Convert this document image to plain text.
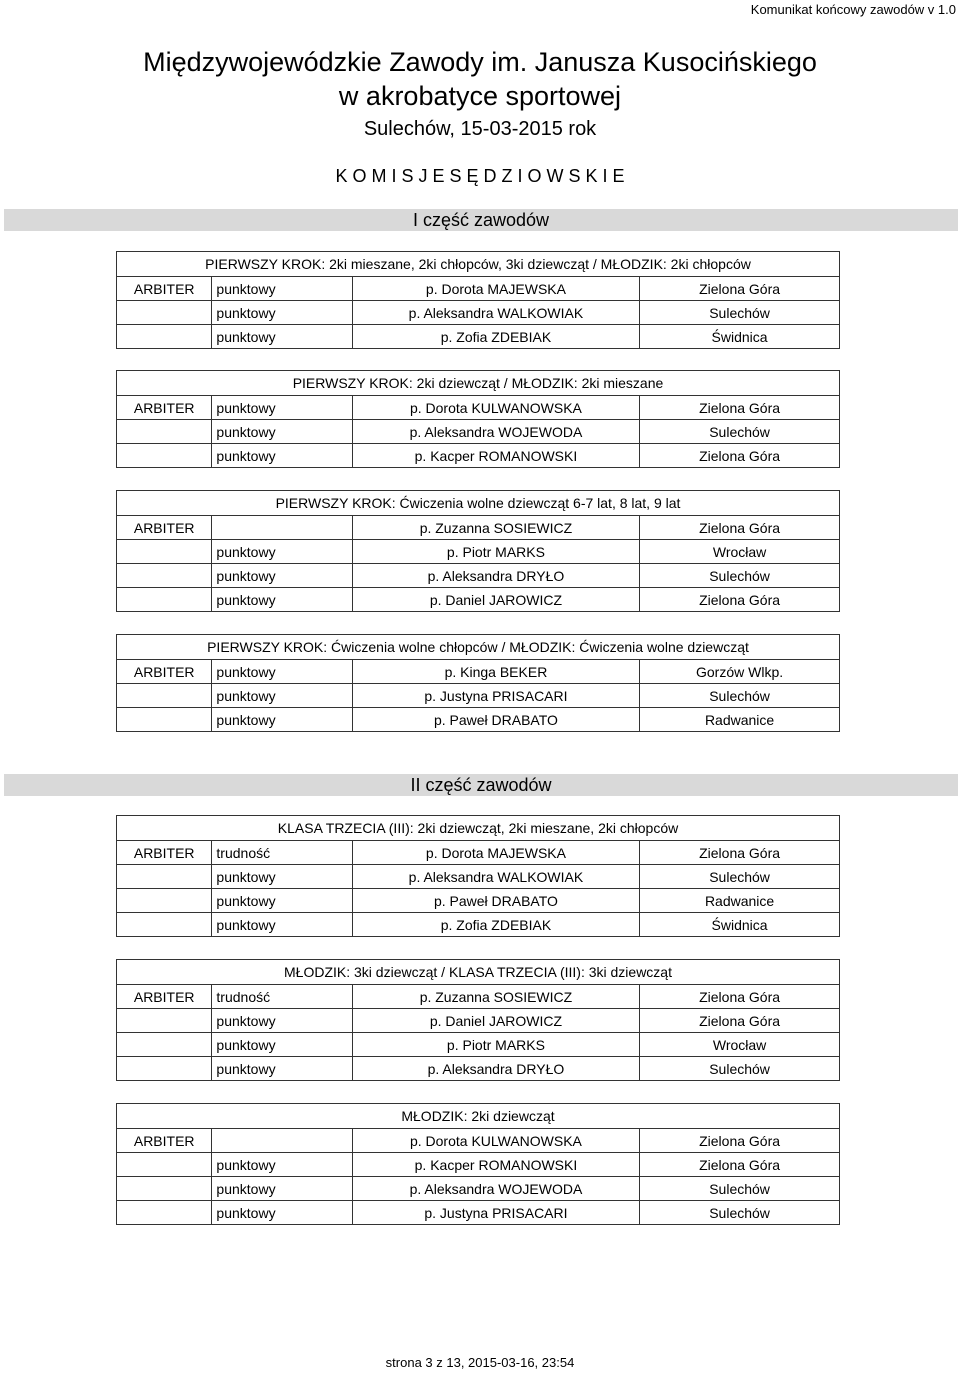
Komunikat końcowy zawodów v 1.0
Międzywojewódzkie Zawody im. Janusza Kusocińskiego
w akrobatyce sportowej
Sulechów, 15-03-2015 rok
K O M I S J E S Ę D Z I O W S K I E
I część zawodów
II część zawodów
PIERWSZY KROK: 2ki mieszane, 2ki chłopców, 3ki dziewcząt / MŁODZIK: 2ki chłopców
ARBITER	punktowy	p. Dorota MAJEWSKA	Zielona Góra
	punktowy	p. Aleksandra WALKOWIAK	Sulechów
	punktowy	p. Zofia ZDEBIAK	Świdnica
PIERWSZY KROK: 2ki dziewcząt / MŁODZIK: 2ki mieszane
ARBITER	punktowy	p. Dorota KULWANOWSKA	Zielona Góra
	punktowy	p. Aleksandra WOJEWODA	Sulechów
	punktowy	p. Kacper ROMANOWSKI	Zielona Góra
PIERWSZY KROK: Ćwiczenia wolne dziewcząt 6-7 lat, 8 lat, 9 lat
ARBITER		p. Zuzanna SOSIEWICZ	Zielona Góra
	punktowy	p. Piotr MARKS	Wrocław
	punktowy	p. Aleksandra DRYŁO	Sulechów
	punktowy	p. Daniel JAROWICZ	Zielona Góra
PIERWSZY KROK: Ćwiczenia wolne chłopców / MŁODZIK: Ćwiczenia wolne dziewcząt
ARBITER	punktowy	p. Kinga BEKER	Gorzów Wlkp.
	punktowy	p. Justyna PRISACARI	Sulechów
	punktowy	p. Paweł DRABATO	Radwanice
KLASA TRZECIA (III): 2ki dziewcząt, 2ki mieszane, 2ki chłopców
ARBITER	trudność	p. Dorota MAJEWSKA	Zielona Góra
	punktowy	p. Aleksandra WALKOWIAK	Sulechów
	punktowy	p. Paweł DRABATO	Radwanice
	punktowy	p. Zofia ZDEBIAK	Świdnica
MŁODZIK: 3ki dziewcząt / KLASA TRZECIA (III): 3ki dziewcząt
ARBITER	trudność	p. Zuzanna SOSIEWICZ	Zielona Góra
	punktowy	p. Daniel JAROWICZ	Zielona Góra
	punktowy	p. Piotr MARKS	Wrocław
	punktowy	p. Aleksandra DRYŁO	Sulechów
MŁODZIK: 2ki dziewcząt
ARBITER		p. Dorota KULWANOWSKA	Zielona Góra
	punktowy	p. Kacper ROMANOWSKI	Zielona Góra
	punktowy	p. Aleksandra WOJEWODA	Sulechów
	punktowy	p. Justyna PRISACARI	Sulechów
strona 3 z 13, 2015-03-16, 23:54
